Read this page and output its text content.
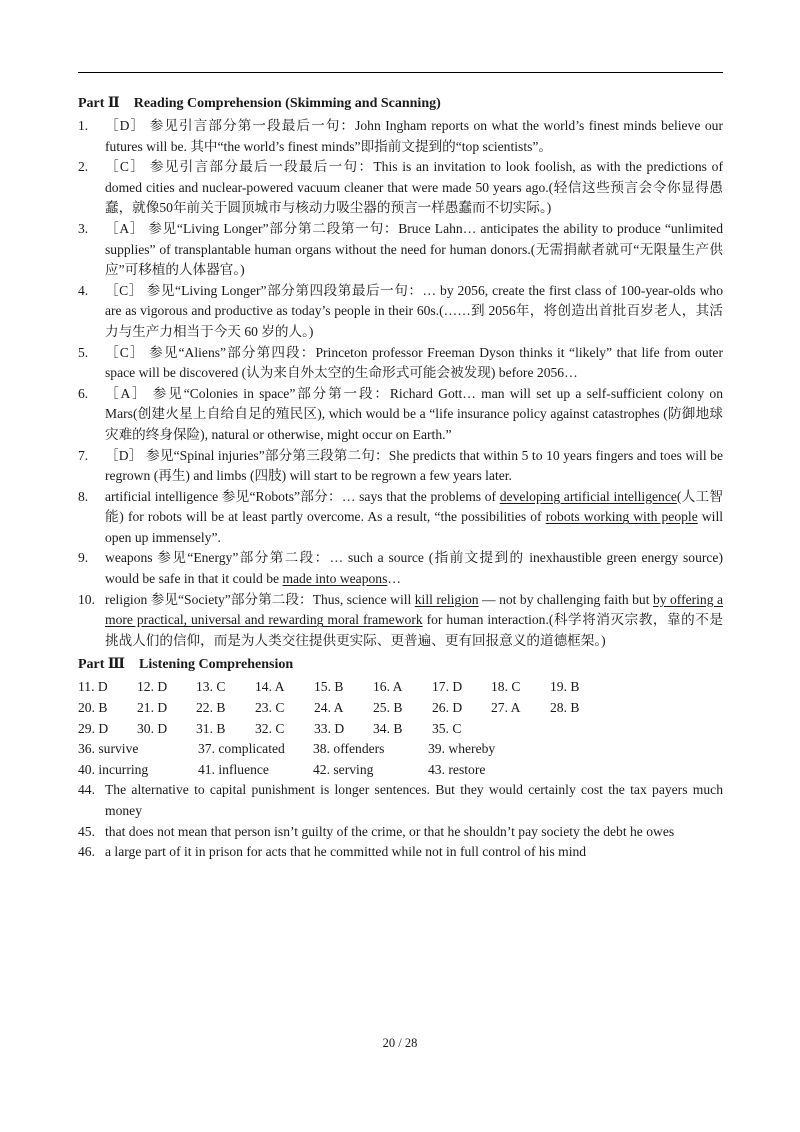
Part Ⅱ    Reading Comprehension (Skimming and Scanning)
1.	［D］ 参见引言部分第一段最后一句：John Ingham reports on what the world’s finest minds believe our futures will be. 其中“the world’s finest minds”即指前文提到的“top scientists”。
2.	［C］ 参见引言部分最后一段最后一句：This is an invitation to look foolish, as with the predictions of domed cities and nuclear-powered vacuum cleaner that were made 50 years ago.(轻信这些预言会令你显得愚蠢，就像50年前关于圆顶城市与核动力吸尘器的预言一样愚蠢而不切实际。)
3.	［A］ 参见“Living Longer”部分第二段第一句：Bruce Lahn… anticipates the ability to produce “unlimited supplies” of transplantable human organs without the need for human donors.(无需捐献者就可“无限量生产供应”可移植的人体器官。)
4.	［C］ 参见“Living Longer”部分第四段第最后一句：… by 2056, create the first class of 100-year-olds who are as vigorous and productive as today’s people in their 60s.(……到 2056年，将创造出首批百岁老人，其活力与生产力相当于今天 60 岁的人。)
5.	［C］ 参见“Aliens”部分第四段：Princeton professor Freeman Dyson thinks it “likely” that life from outer space will be discovered (认为来自外太空的生命形式可能会被发现) before 2056…
6.	［A］ 参见“Colonies in space”部分第一段：Richard Gott… man will set up a self-sufficient colony on Mars(创建火星上自给自足的殖民区), which would be a “life insurance policy against catastrophes (防御地球灾难的终身保险), natural or otherwise, might occur on Earth.”
7.	［D］ 参见“Spinal injuries”部分第三段第二句：She predicts that within 5 to 10 years fingers and toes will be regrown (再生) and limbs (四肢) will start to be regrown a few years later.
8.	artificial intelligence 参见“Robots”部分：… says that the problems of developing artificial intelligence(人工智能) for robots will be at least partly overcome. As a result, “the possibilities of robots working with people will open up immensely”.
9.	weapons 参见“Energy”部分第二段：… such a source (指前文提到的 inexhaustible green energy source) would be safe in that it could be made into weapons…
10. religion 参见“Society”部分第二段：Thus, science will kill religion — not by challenging faith but by offering a more practical, universal and rewarding moral framework for human interaction.(科学将消灭宗教，靠的不是挑战人们的信仰，而是为人类交往提供更实际、更普遍、更有回报意义的道德框架。)
Part Ⅲ    Listening Comprehension
11. D	12. D	13. C	14. A	15. B	16. A	17. D	18. C	19. B
20. B	21. D	22. B	23. C	24. A	25. B	26. D	27. A	28. B
29. D	30. D	31. B	32. C	33. D	34. B	35. C
36. survive	37. complicated	38. offenders	39. whereby
40. incurring	41. influence	42. serving	43. restore
44. The alternative to capital punishment is longer sentences. But they would certainly cost the tax payers much money
45. that does not mean that person isn’t guilty of the crime, or that he shouldn’t pay society the debt he owes
46. a large part of it in prison for acts that he committed while not in full control of his mind
20 / 28
